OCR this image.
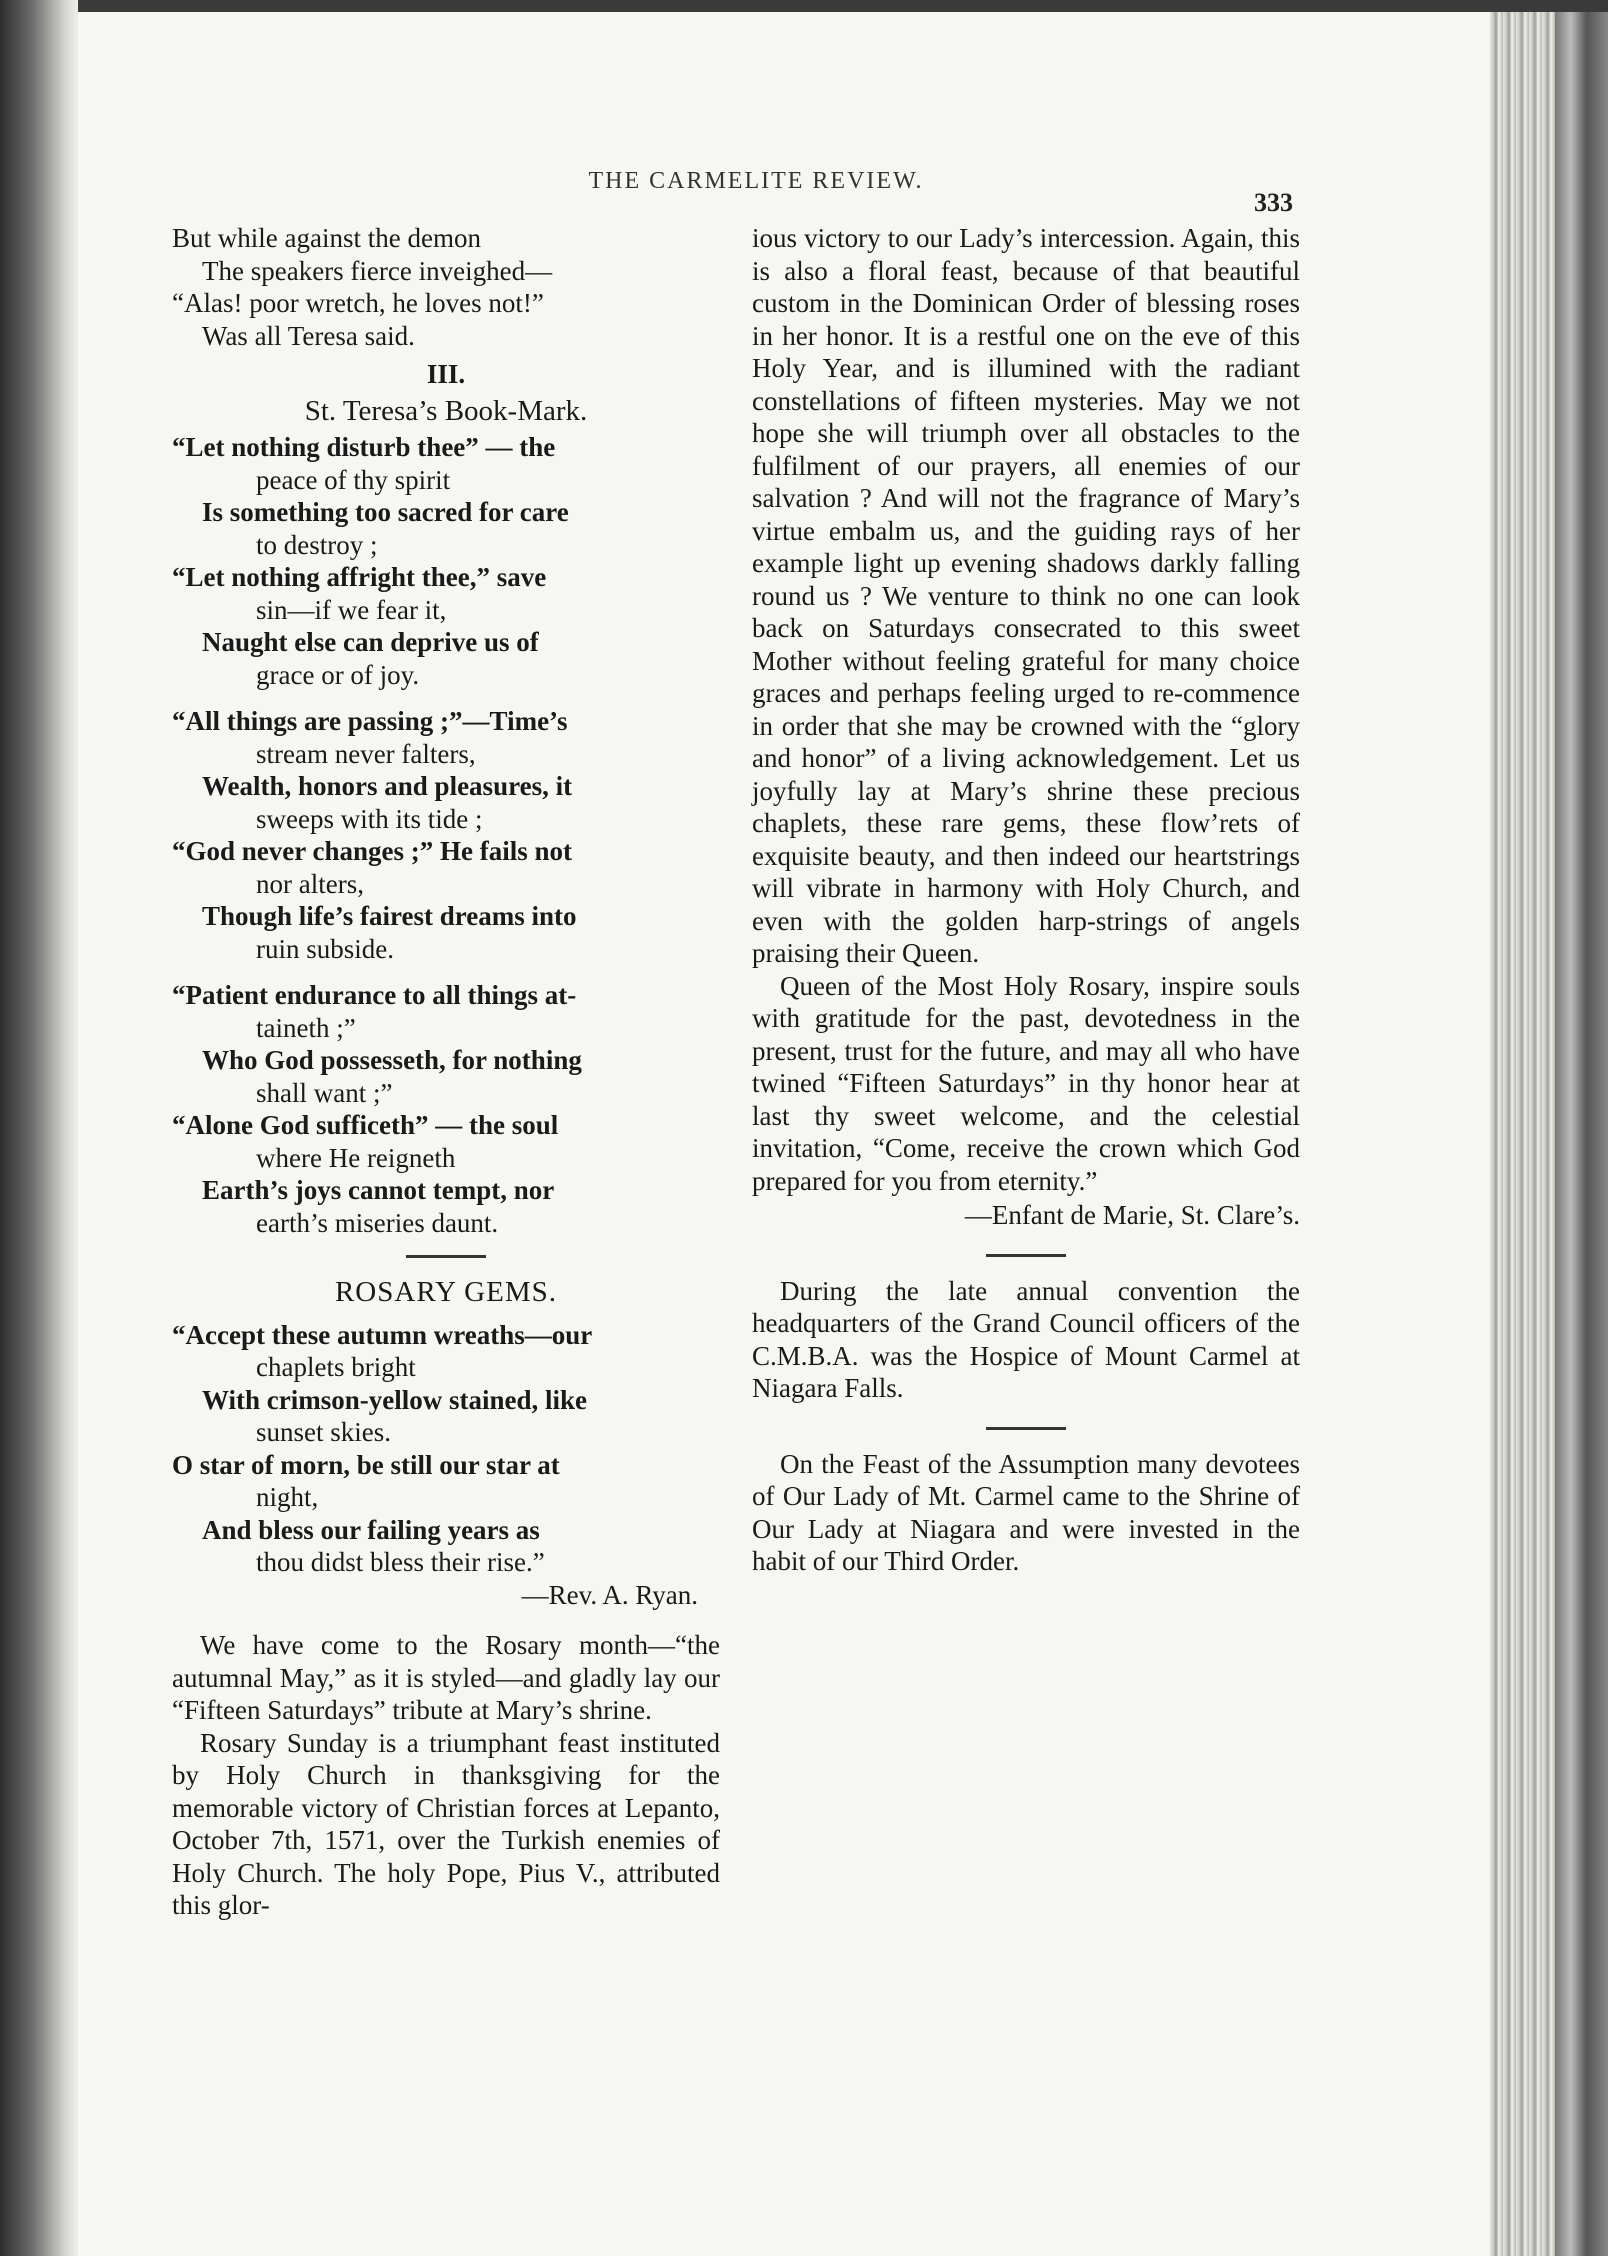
THE CARMELITE REVIEW.
333
But while against the demon
The speakers fierce inveighed—
“Alas! poor wretch, he loves not!”
Was all Teresa said.
III.
St. Teresa’s Book-Mark.
“Let nothing disturb thee” — the
peace of thy spirit
Is something too sacred for care
to destroy ;
“Let nothing affright thee,” save
sin—if we fear it,
Naught else can deprive us of
grace or of joy.
“All things are passing ;”—Time’s
stream never falters,
Wealth, honors and pleasures, it
sweeps with its tide ;
“God never changes ;” He fails not
nor alters,
Though life’s fairest dreams into
ruin subside.
“Patient endurance to all things at-
taineth ;”
Who God possesseth, for nothing
shall want ;”
“Alone God sufficeth” — the soul
where He reigneth
Earth’s joys cannot tempt, nor
earth’s miseries daunt.
ROSARY GEMS.
“Accept these autumn wreaths—our
chaplets bright
With crimson-yellow stained, like
sunset skies.
O star of morn, be still our star at
night,
And bless our failing years as
thou didst bless their rise.”
—Rev. A. Ryan.
We have come to the Rosary month—“the autumnal May,” as it is styled—and gladly lay our “Fifteen Saturdays” tribute at Mary’s shrine.
Rosary Sunday is a triumphant feast instituted by Holy Church in thanksgiving for the memorable victory of Christian forces at Lepanto, October 7th, 1571, over the Turkish enemies of Holy Church. The holy Pope, Pius V., attributed this glor-
ious victory to our Lady’s intercession. Again, this is also a floral feast, because of that beautiful custom in the Dominican Order of blessing roses in her honor. It is a restful one on the eve of this Holy Year, and is illumined with the radiant constellations of fifteen mysteries. May we not hope she will triumph over all obstacles to the fulfilment of our prayers, all enemies of our salvation ? And will not the fragrance of Mary’s virtue embalm us, and the guiding rays of her example light up evening shadows darkly falling round us ? We venture to think no one can look back on Saturdays consecrated to this sweet Mother without feeling grateful for many choice graces and perhaps feeling urged to re-commence in order that she may be crowned with the “glory and honor” of a living acknowledgement. Let us joyfully lay at Mary’s shrine these precious chaplets, these rare gems, these flow’rets of exquisite beauty, and then indeed our heartstrings will vibrate in harmony with Holy Church, and even with the golden harp-strings of angels praising their Queen.
Queen of the Most Holy Rosary, inspire souls with gratitude for the past, devotedness in the present, trust for the future, and may all who have twined “Fifteen Saturdays” in thy honor hear at last thy sweet welcome, and the celestial invitation, “Come, receive the crown which God prepared for you from eternity.”
—Enfant de Marie, St. Clare’s.
During the late annual convention the headquarters of the Grand Council officers of the C.M.B.A. was the Hospice of Mount Carmel at Niagara Falls.
On the Feast of the Assumption many devotees of Our Lady of Mt. Carmel came to the Shrine of Our Lady at Niagara and were invested in the habit of our Third Order.
